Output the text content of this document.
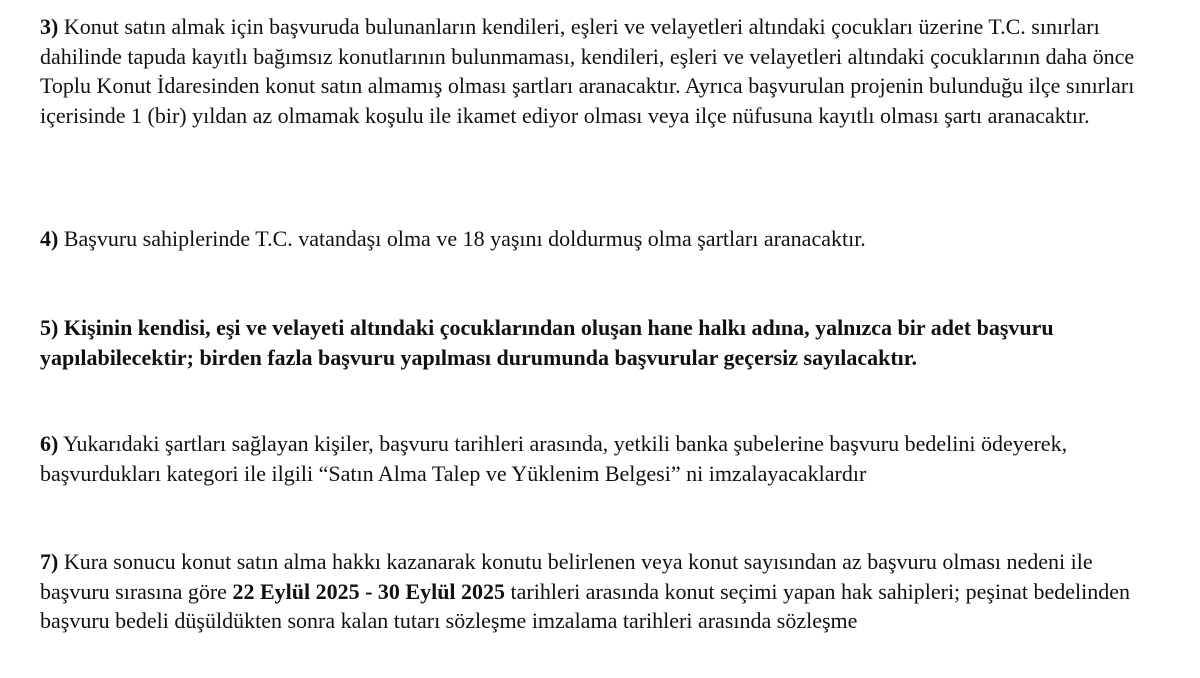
3) Konut satın almak için başvuruda bulunanların kendileri, eşleri ve velayetleri altındaki çocukları üzerine T.C. sınırları dahilinde tapuda kayıtlı bağımsız konutlarının bulunmaması, kendileri, eşleri ve velayetleri altındaki çocuklarının daha önce Toplu Konut İdaresinden konut satın almamış olması şartları aranacaktır. Ayrıca başvurulan projenin bulunduğu ilçe sınırları içerisinde 1 (bir) yıldan az olmamak koşulu ile ikamet ediyor olması veya ilçe nüfusuna kayıtlı olması şartı aranacaktır.

4) Başvuru sahiplerinde T.C. vatandaşı olma ve 18 yaşını doldurmuş olma şartları aranacaktır.

5) Kişinin kendisi, eşi ve velayeti altındaki çocuklarından oluşan hane halkı adına, yalnızca bir adet başvuru yapılabilecektir; birden fazla başvuru yapılması durumunda başvurular geçersiz sayılacaktır.

6) Yukarıdaki şartları sağlayan kişiler, başvuru tarihleri arasında, yetkili banka şubelerine başvuru bedelini ödeyerek, başvurdukları kategori ile ilgili “Satın Alma Talep ve Yüklenim Belgesi” ni imzalayacaklardır

7) Kura sonucu konut satın alma hakkı kazanarak konutu belirlenen veya konut sayısından az başvuru olması nedeni ile başvuru sırasına göre 22 Eylül 2025 - 30 Eylül 2025 tarihleri arasında konut seçimi yapan hak sahipleri; peşinat bedelinden başvuru bedeli düşüldükten sonra kalan tutarı sözleşme imzalama tarihleri arasında sözleşme
